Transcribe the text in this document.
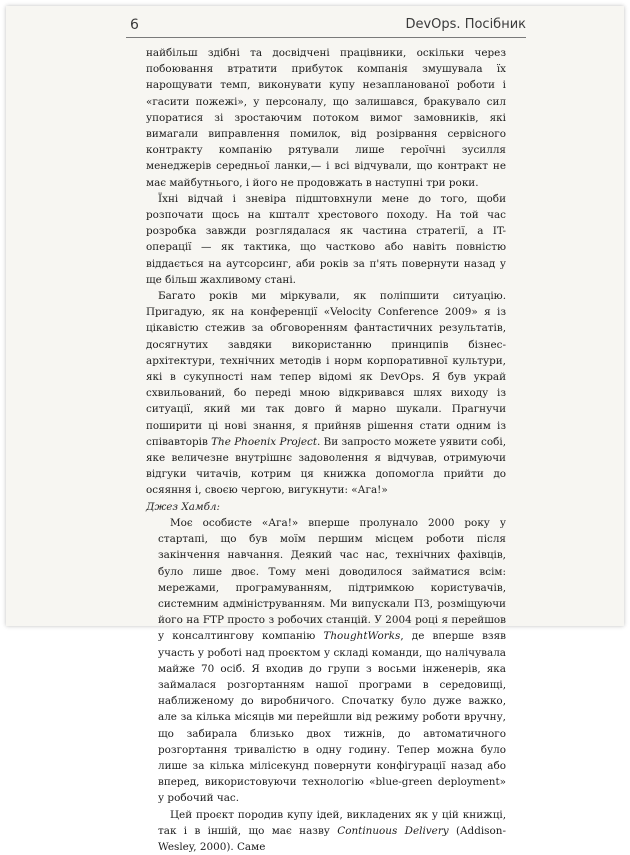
6	DevOps. Посібник

найбільш здібні та досвідчені працівники, оскільки через побоювання втратити прибуток компанія змушувала їх нарощувати темп, виконувати купу незапланованої роботи і «гасити пожежі», у персоналу, що залишався, бракувало сил упоратися зі зростаючим потоком вимог замовників, які вимагали виправлення помилок, від розірвання сервісного контракту компанію рятували лише героїчні зусилля менеджерів середньої ланки,— і всі відчували, що контракт не має майбутнього, і його не продовжать в наступні три роки.

Їхні відчай і зневіра підштовхнули мене до того, щоби розпочати щось на кшталт хрестового походу. На той час розробка завжди розглядалася як частина стратегії, а IT-операції — як тактика, що частково або навіть повністю віддається на аутсорсинг, аби років за п'ять повернути назад у ще більш жахливому стані.

Багато років ми міркували, як поліпшити ситуацію. Пригадую, як на конференції «Velocity Conference 2009» я із цікавістю стежив за обговоренням фантастичних результатів, досягнутих завдяки використанню принципів бізнес-архітектури, технічних методів і норм корпоративної культури, які в сукупності нам тепер відомі як DevOps. Я був украй схвильований, бо переді мною відкривався шлях виходу із ситуації, який ми так довго й марно шукали. Прагнучи поширити ці нові знання, я прийняв рішення стати одним із співавторів The Phoenix Project. Ви запросто можете уявити собі, яке величезне внутрішнє задоволення я відчував, отримуючи відгуки читачів, котрим ця книжка допомогла прийти до осяяння і, своєю чергою, вигукнути: «Ага!»

Джез Хамбл:

Моє особисте «Ага!» вперше пролунало 2000 року у стартапі, що був моїм першим місцем роботи після закінчення навчання. Деякий час нас, технічних фахівців, було лише двоє. Тому мені доводилося займатися всім: мережами, програмуванням, підтримкою користувачів, системним адмініструванням. Ми випускали ПЗ, розміщуючи його на FTP просто з робочих станцій. У 2004 році я перейшов у консалтингову компанію ThoughtWorks, де вперше взяв участь у роботі над проєктом у складі команди, що налічувала майже 70 осіб. Я входив до групи з восьми інженерів, яка займалася розгортанням нашої програми в середовищі, наближеному до виробничого. Спочатку було дуже важко, але за кілька місяців ми перейшли від режиму роботи вручну, що забирала близько двох тижнів, до автоматичного розгортання тривалістю в одну годину. Тепер можна було лише за кілька мілісекунд повернути конфігурації назад або вперед, використовуючи технологію «blue-green deployment» у робочий час.

Цей проєкт породив купу ідей, викладених як у цій книжці, так і в іншій, що має назву Continuous Delivery (Addison-Wesley, 2000). Саме
